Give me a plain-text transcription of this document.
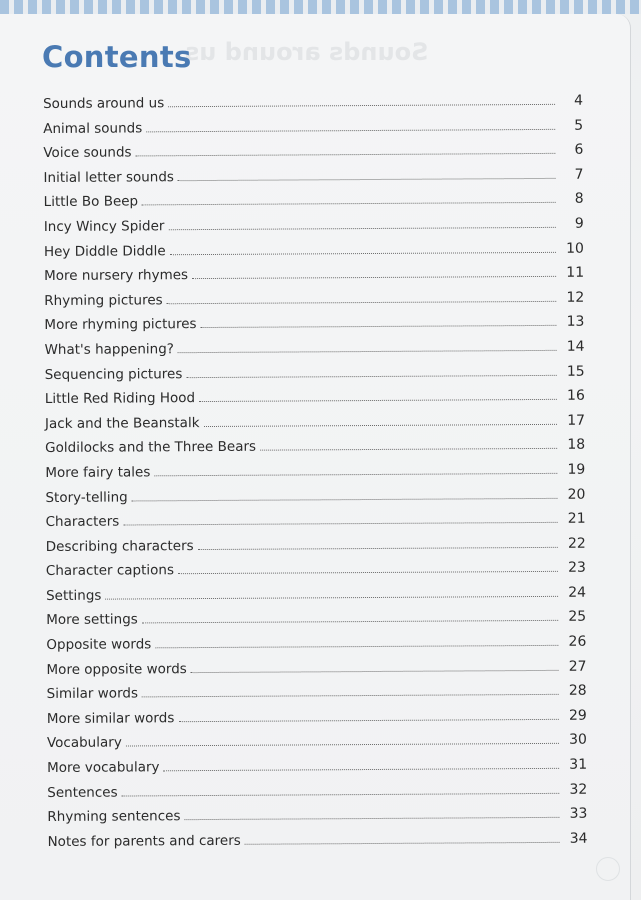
Sounds around us
Contents
Sounds around us	4
Animal sounds	5
Voice sounds	6
Initial letter sounds	7
Little Bo Beep	8
Incy Wincy Spider	9
Hey Diddle Diddle	10
More nursery rhymes	11
Rhyming pictures	12
More rhyming pictures	13
What's happening?	14
Sequencing pictures	15
Little Red Riding Hood	16
Jack and the Beanstalk	17
Goldilocks and the Three Bears	18
More fairy tales	19
Story-telling	20
Characters	21
Describing characters	22
Character captions	23
Settings	24
More settings	25
Opposite words	26
More opposite words	27
Similar words	28
More similar words	29
Vocabulary	30
More vocabulary	31
Sentences	32
Rhyming sentences	33
Notes for parents and carers	34
